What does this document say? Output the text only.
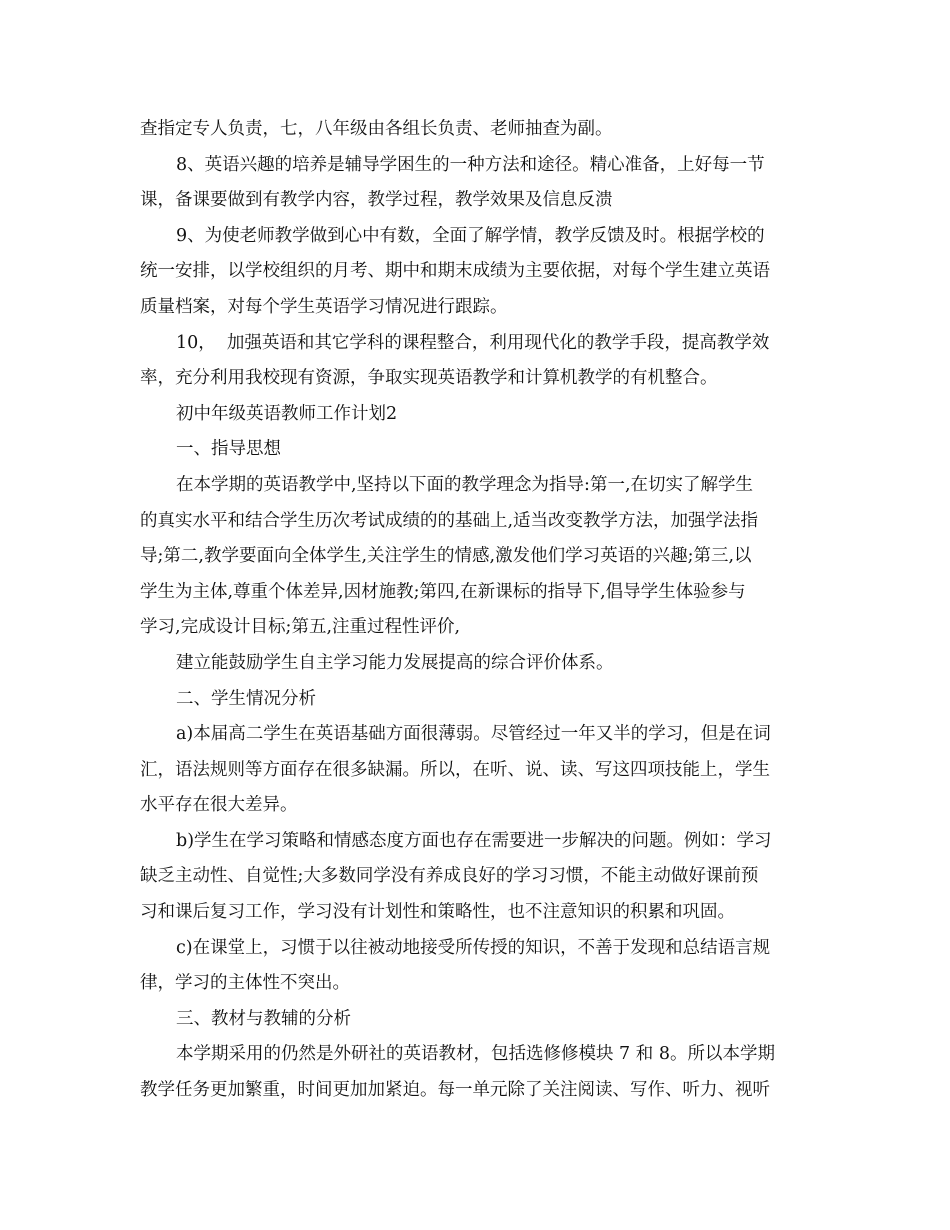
查指定专人负责，七，八年级由各组长负责、老师抽查为副。

8、英语兴趣的培养是辅导学困生的一种方法和途径。精心准备，上好每一节

课，备课要做到有教学内容，教学过程，教学效果及信息反溃

9、为使老师教学做到心中有数，全面了解学情，教学反馈及时。根据学校的

统一安排，以学校组织的月考、期中和期末成绩为主要依据，对每个学生建立英语

质量档案，对每个学生英语学习情况进行跟踪。

10，  加强英语和其它学科的课程整合，利用现代化的教学手段，提高教学效

率，充分利用我校现有资源，争取实现英语教学和计算机教学的有机整合。

初中年级英语教师工作计划2

一、指导思想

在本学期的英语教学中,坚持以下面的教学理念为指导:第一,在切实了解学生

的真实水平和结合学生历次考试成绩的的基础上,适当改变教学方法，加强学法指

导;第二,教学要面向全体学生,关注学生的情感,激发他们学习英语的兴趣;第三,以

学生为主体,尊重个体差异,因材施教;第四,在新课标的指导下,倡导学生体验参与

学习,完成设计目标;第五,注重过程性评价,

建立能鼓励学生自主学习能力发展提高的综合评价体系。

二、学生情况分析

a)本届高二学生在英语基础方面很薄弱。尽管经过一年又半的学习，但是在词

汇，语法规则等方面存在很多缺漏。所以，在听、说、读、写这四项技能上，学生

水平存在很大差异。

b)学生在学习策略和情感态度方面也存在需要进一步解决的问题。例如：学习

缺乏主动性、自觉性;大多数同学没有养成良好的学习习惯，不能主动做好课前预

习和课后复习工作，学习没有计划性和策略性，也不注意知识的积累和巩固。

c)在课堂上，习惯于以往被动地接受所传授的知识，不善于发现和总结语言规

律，学习的主体性不突出。

三、教材与教辅的分析

本学期采用的仍然是外研社的英语教材，包括选修修模块 7 和 8。所以本学期

教学任务更加繁重，时间更加加紧迫。每一单元除了关注阅读、写作、听力、视听
